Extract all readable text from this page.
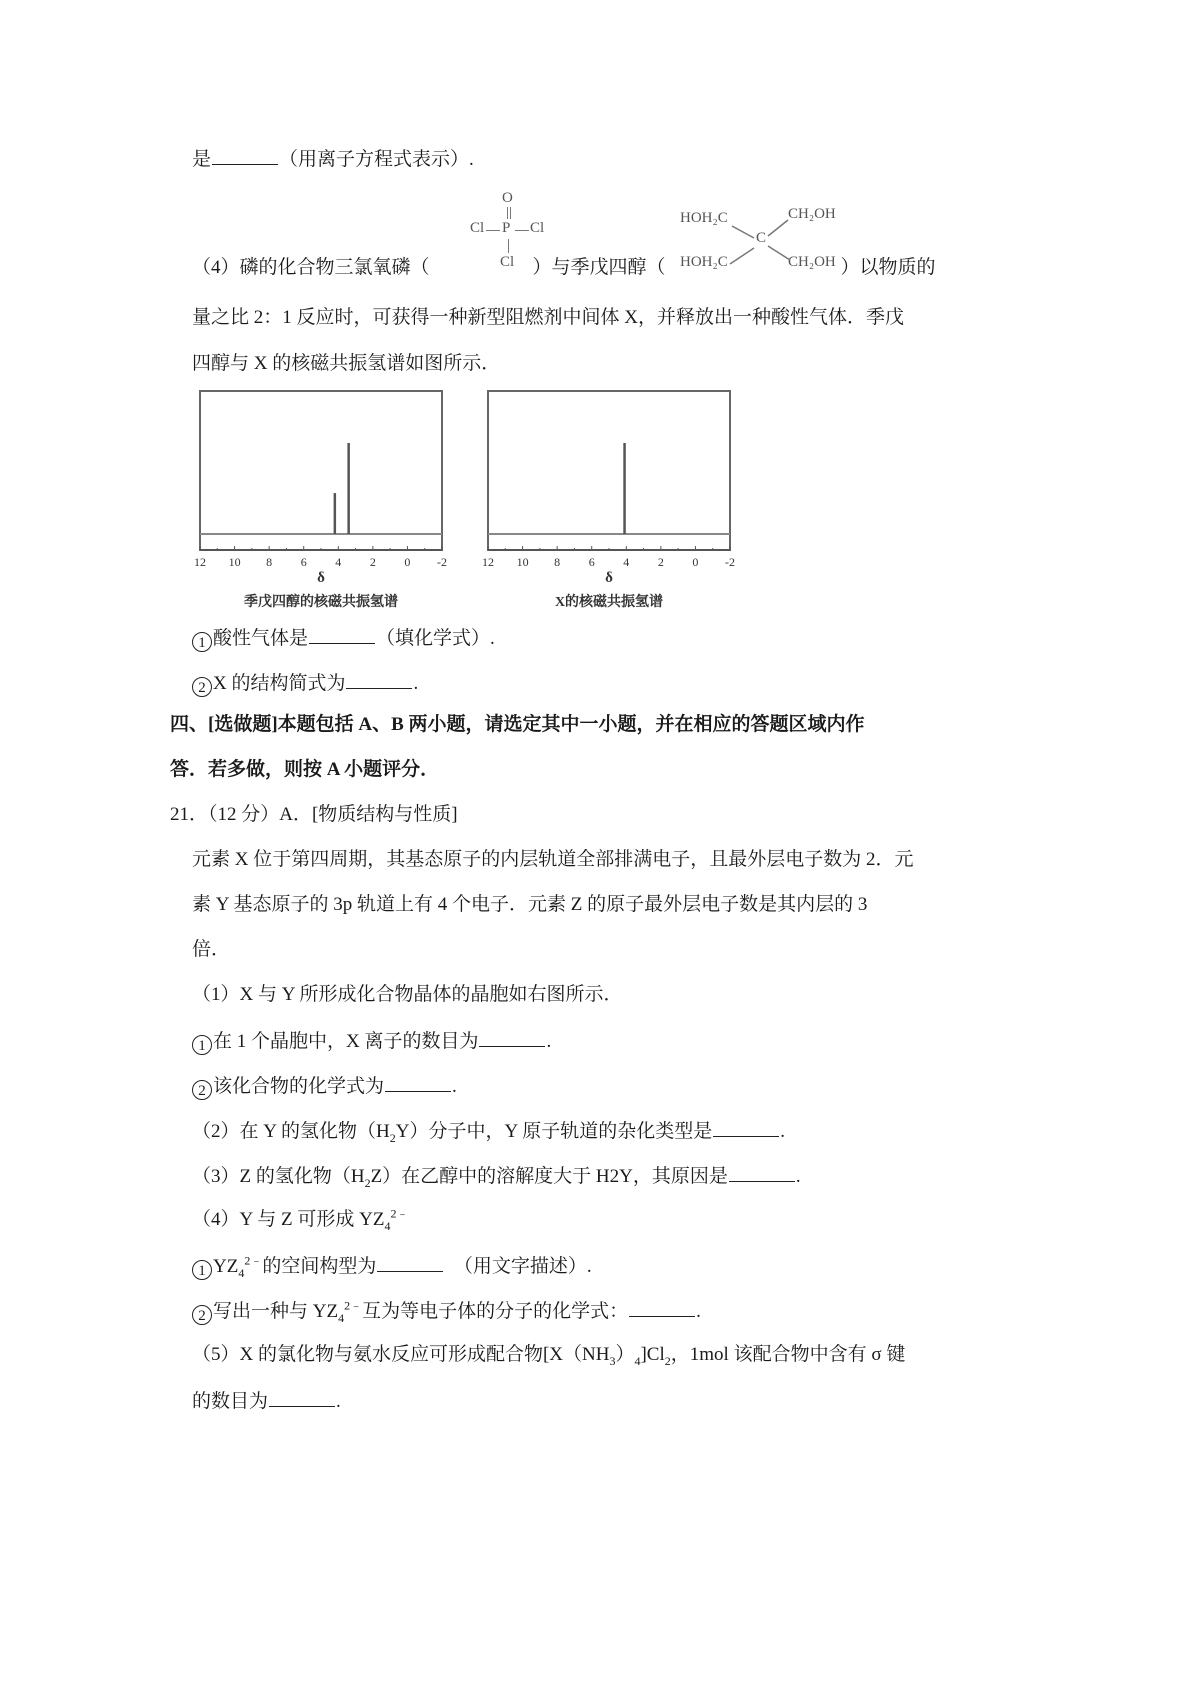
是	（用离子方程式表示）.
O
Cl P Cl
Cl
HOH₂C	CH₂OH
C
HOH₂C	CH₂OH
（4）磷的化合物三氯氧磷（	）与季戊四醇（	）以物质的
量之比 2：1 反应时，可获得一种新型阻燃剂中间体 X，并释放出一种酸性气体．季戊
四醇与 X 的核磁共振氢谱如图所示．
12 10 8 6 4 2 0 -2
δ
季戊四醇的核磁共振氢谱
12 10 8 6 4 2 0 -2
δ
X的核磁共振氢谱
1 酸性气体是	（填化学式）.
2 X 的结构简式为	.
四、[选做题]本题包括 A、B 两小题，请选定其中一小题，并在相应的答题区域内作
答．若多做，则按 A 小题评分．
21．（12 分）A．[物质结构与性质]
元素 X 位于第四周期，其基态原子的内层轨道全部排满电子，且最外层电子数为 2．元
素 Y 基态原子的 3p 轨道上有 4 个电子．元素 Z 的原子最外层电子数是其内层的 3
倍．
（1）X 与 Y 所形成化合物晶体的晶胞如右图所示．
1 在 1 个晶胞中，X 离子的数目为	.
2 该化合物的化学式为	.
（2）在 Y 的氢化物$(H_2Y)$分子中，Y 原子轨道的杂化类型是	.
（3）Z 的氢化物$(H_2Z)$在乙醇中的溶解度大于 H2Y，其原因是	.
（4）Y 与 Z 可形成 $YZ_4^{2﹣}$
1 $YZ_4^{2﹣}$的空间构型为	（用文字描述）.
2 写出一种与 $YZ_4^{2﹣}$互为等电子体的分子的化学式：	.
（5）X 的氯化物与氨水反应可形成配合物$[X(NH_3)_4]Cl_2$，1mol 该配合物中含有 σ 键
的数目为	.
